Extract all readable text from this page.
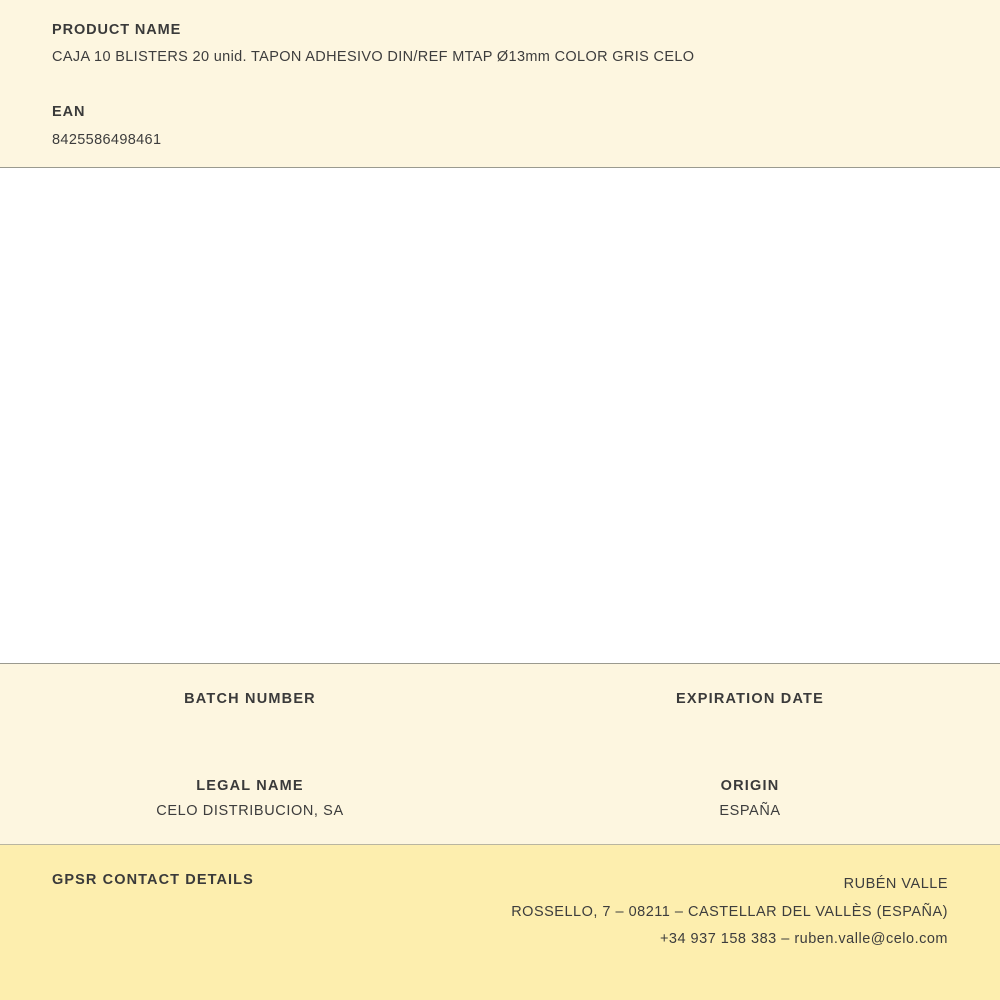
PRODUCT NAME

CAJA 10 BLISTERS 20 unid. TAPON ADHESIVO DIN/REF MTAP Ø13mm COLOR GRIS CELO

EAN

8425586498461

BATCH NUMBER	EXPIRATION DATE

LEGAL NAME

CELO DISTRIBUCION, SA

ORIGIN

ESPAÑA

GPSR CONTACT DETAILS	RUBÉN VALLE
ROSSELLO, 7 – 08211 – CASTELLAR DEL VALLÈS (ESPAÑA)
+34 937 158 383 – ruben.valle@celo.com
